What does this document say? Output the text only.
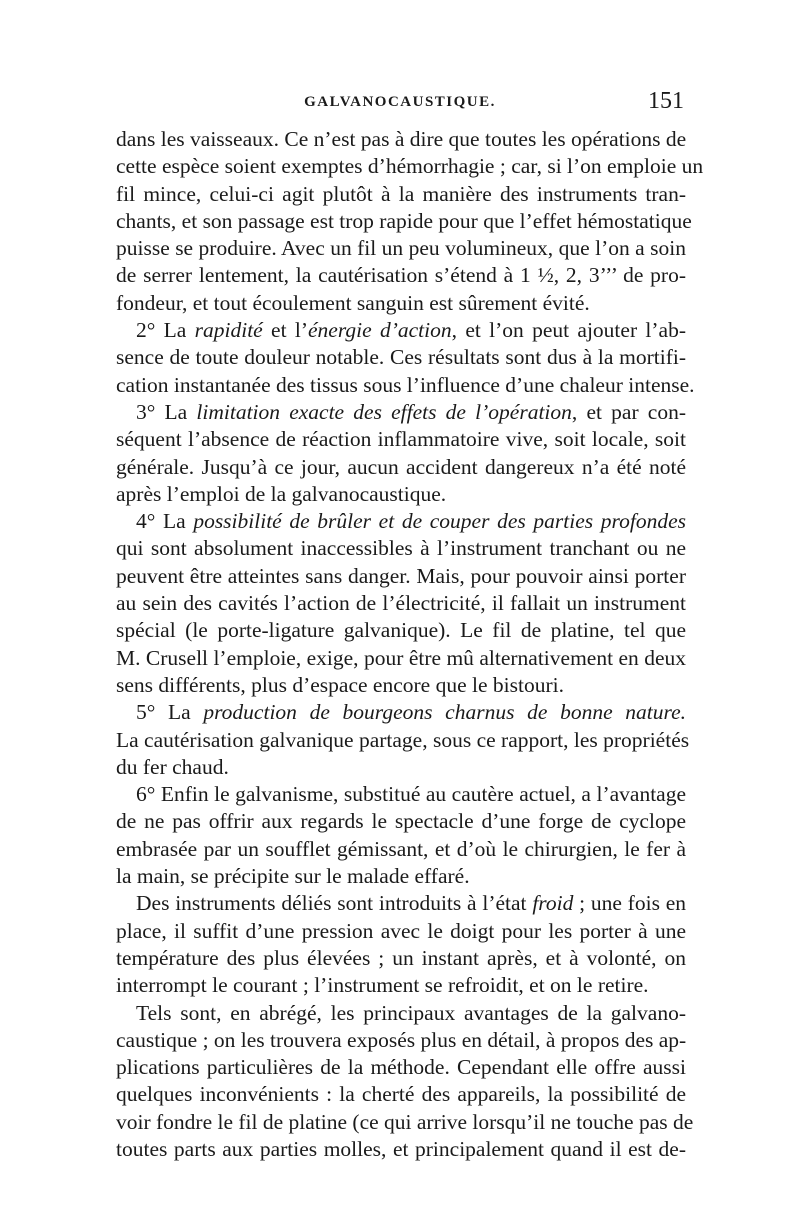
GALVANOCAUSTIQUE.	151
dans les vaisseaux. Ce n’est pas à dire que toutes les opérations de
cette espèce soient exemptes d’hémorrhagie ; car, si l’on emploie un
fil mince, celui-ci agit plutôt à la manière des instruments tran-
chants, et son passage est trop rapide pour que l’effet hémostatique
puisse se produire. Avec un fil un peu volumineux, que l’on a soin
de serrer lentement, la cautérisation s’étend à 1 ½, 2, 3’’’ de pro-
fondeur, et tout écoulement sanguin est sûrement évité.
2° La rapidité et l’énergie d’action, et l’on peut ajouter l’ab-
sence de toute douleur notable. Ces résultats sont dus à la mortifi-
cation instantanée des tissus sous l’influence d’une chaleur intense.
3° La limitation exacte des effets de l’opération, et par con-
séquent l’absence de réaction inflammatoire vive, soit locale, soit
générale. Jusqu’à ce jour, aucun accident dangereux n’a été noté
après l’emploi de la galvanocaustique.
4° La possibilité de brûler et de couper des parties profondes
qui sont absolument inaccessibles à l’instrument tranchant ou ne
peuvent être atteintes sans danger. Mais, pour pouvoir ainsi porter
au sein des cavités l’action de l’électricité, il fallait un instrument
spécial (le porte-ligature galvanique). Le fil de platine, tel que
M. Crusell l’emploie, exige, pour être mû alternativement en deux
sens différents, plus d’espace encore que le bistouri.
5° La production de bourgeons charnus de bonne nature.
La cautérisation galvanique partage, sous ce rapport, les propriétés
du fer chaud.
6° Enfin le galvanisme, substitué au cautère actuel, a l’avantage
de ne pas offrir aux regards le spectacle d’une forge de cyclope
embrasée par un soufflet gémissant, et d’où le chirurgien, le fer à
la main, se précipite sur le malade effaré.
Des instruments déliés sont introduits à l’état froid ; une fois en
place, il suffit d’une pression avec le doigt pour les porter à une
température des plus élevées ; un instant après, et à volonté, on
interrompt le courant ; l’instrument se refroidit, et on le retire.
Tels sont, en abrégé, les principaux avantages de la galvano-
caustique ; on les trouvera exposés plus en détail, à propos des ap-
plications particulières de la méthode. Cependant elle offre aussi
quelques inconvénients : la cherté des appareils, la possibilité de
voir fondre le fil de platine (ce qui arrive lorsqu’il ne touche pas de
toutes parts aux parties molles, et principalement quand il est de-
